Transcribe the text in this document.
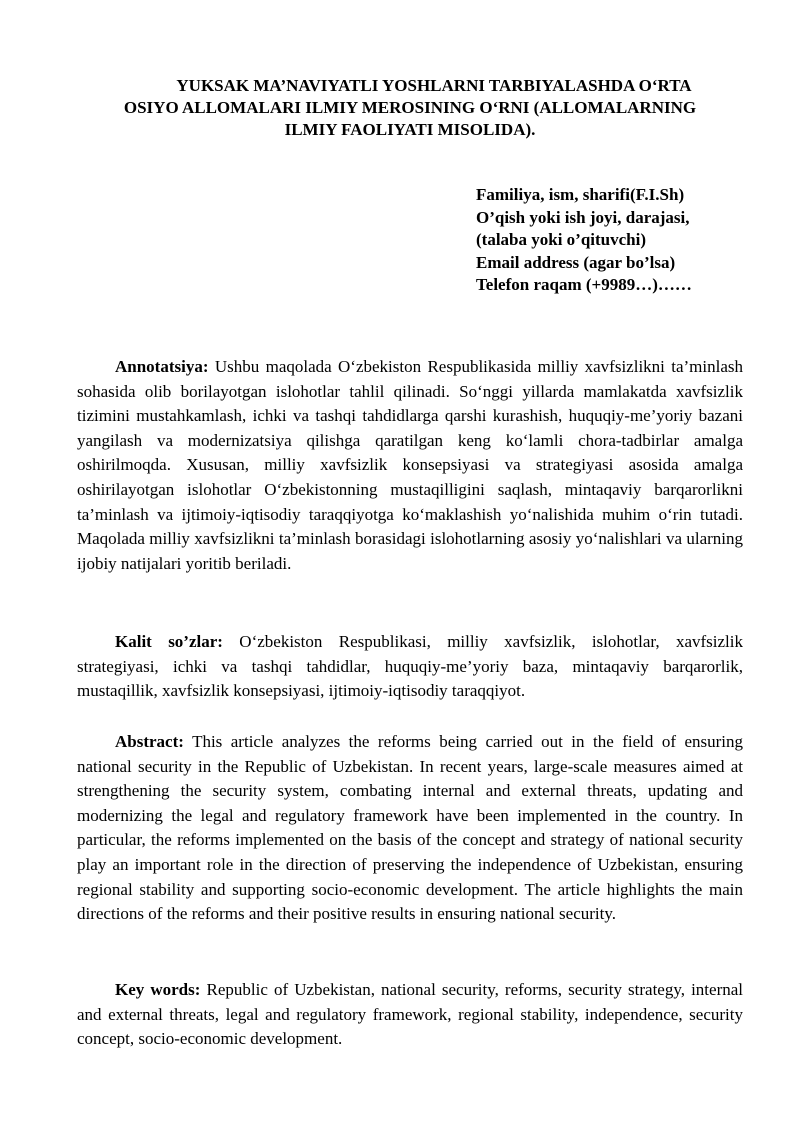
YUKSAK MA’NAVIYATLI YOSHLARNI TARBIYALASHDA O‘RTA
OSIYO ALLOMALARI ILMIY MEROSINING O‘RNI (ALLOMALARNING
ILMIY FAOLIYATI MISOLIDA).
Familiya, ism, sharifi(F.I.Sh)
O’qish yoki ish joyi, darajasi,
(talaba yoki o’qituvchi)
Email address (agar bo’lsa)
Telefon raqam (+9989…)……

Annotatsiya: Ushbu maqolada O‘zbekiston Respublikasida milliy xavfsizlikni ta’minlash sohasida olib borilayotgan islohotlar tahlil qilinadi. So‘nggi yillarda mamlakatda xavfsizlik tizimini mustahkamlash, ichki va tashqi tahdidlarga qarshi kurashish, huquqiy-me’yoriy bazani yangilash va modernizatsiya qilishga qaratilgan keng ko‘lamli chora-tadbirlar amalga oshirilmoqda. Xususan, milliy xavfsizlik konsepsiyasi va strategiyasi asosida amalga oshirilayotgan islohotlar O‘zbekistonning mustaqilligini saqlash, mintaqaviy barqarorlikni ta’minlash va ijtimoiy-iqtisodiy taraqqiyotga ko‘maklashish yo‘nalishida muhim o‘rin tutadi. Maqolada milliy xavfsizlikni ta’minlash borasidagi islohotlarning asosiy yo‘nalishlari va ularning ijobiy natijalari yoritib beriladi.

Kalit so’zlar: O‘zbekiston Respublikasi, milliy xavfsizlik, islohotlar, xavfsizlik strategiyasi, ichki va tashqi tahdidlar, huquqiy-me’yoriy baza, mintaqaviy barqarorlik, mustaqillik, xavfsizlik konsepsiyasi, ijtimoiy-iqtisodiy taraqqiyot.

Abstract: This article analyzes the reforms being carried out in the field of ensuring national security in the Republic of Uzbekistan. In recent years, large-scale measures aimed at strengthening the security system, combating internal and external threats, updating and modernizing the legal and regulatory framework have been implemented in the country. In particular, the reforms implemented on the basis of the concept and strategy of national security play an important role in the direction of preserving the independence of Uzbekistan, ensuring regional stability and supporting socio-economic development. The article highlights the main directions of the reforms and their positive results in ensuring national security.

Key words: Republic of Uzbekistan, national security, reforms, security strategy, internal and external threats, legal and regulatory framework, regional stability, independence, security concept, socio-economic development.
